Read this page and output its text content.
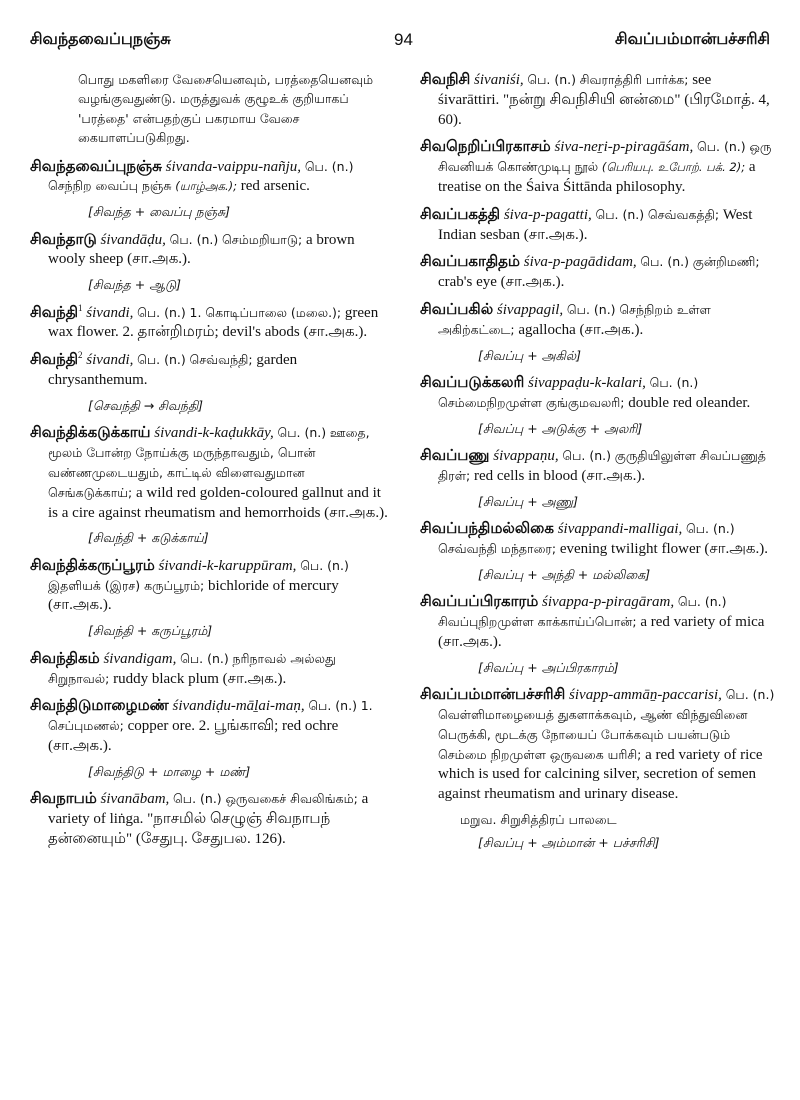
சிவந்தவைப்புநஞ்சு	94	சிவப்பம்மான்பச்சரிசி
பொது மகளிரை வேசையெனவும், பரத்தையெனவும் வழங்குவதுண்டு. மருத்துவக் குழூஉக் குறியாகப் 'பரத்தை' என்பதற்குப் பகரமாய வேசை கையாளப்படுகிறது.
சிவந்தவைப்புநஞ்சு śivanda-vaippu-nañju, பெ. (n.) செந்நிற வைப்பு நஞ்சு (யாழ்அக.); red arsenic.
[சிவந்த + வைப்பு நஞ்சு]
சிவந்தாடு śivandāḍu, பெ. (n.) செம்மறியாடு; a brown wooly sheep (சா.அக.).
[சிவந்த + ஆடு]
சிவந்தி$^1$ śivandi, பெ. (n.) 1. கொடிப்பாலை (மலை.); green wax flower. 2. தான்றிமரம்; devil's abods (சா.அக.).
சிவந்தி$^2$ śivandi, பெ. (n.) செவ்வந்தி; garden chrysanthemum.
[செவந்தி → சிவந்தி]
சிவந்திக்கடுக்காய் śivandi-k-kaḍukkāy, பெ. (n.) ஊதை, மூலம் போன்ற நோய்க்கு மருந்தாவதும், பொன் வண்ணமுடையதும், காட்டில் விளைவதுமான செங்கடுக்காய்; a wild red golden-coloured gallnut and it is a cire against rheumatism and hemorrhoids (சா.அக.).
[சிவந்தி + கடுக்காய்]
சிவந்திக்கருப்பூரம் śivandi-k-karuppūram, பெ. (n.) இதளியக் (இரச) கருப்பூரம்; bichloride of mercury (சா.அக.).
[சிவந்தி + கருப்பூரம்]
சிவந்திகம் śivandigam, பெ. (n.) நரிநாவல் அல்லது சிறுநாவல்; ruddy black plum (சா.அக.).
சிவந்திடுமாழைமண் śivandiḍu-māḻai-maṇ, பெ. (n.) 1. செப்புமணல்; copper ore. 2. பூங்காவி; red ochre (சா.அக.).
[சிவந்திடு + மாழை + மண்]
சிவநாபம் śivanābam, பெ. (n.) ஒருவகைச் சிவலிங்கம்; a variety of liṅga. "நாசமில் செழுஞ் சிவநாபந் தன்னையும்" (சேதுபு. சேதுபல. 126).
சிவநிசி śivaniśi, பெ. (n.) சிவராத்திரி பார்க்க; see śivarāttiri. "நன்று சிவநிசியி னன்மை" (பிரமோத். 4, 60).
சிவநெறிப்பிரகாசம் śiva-neṟi-p-piragāśam, பெ. (n.) ஒரு சிவனியக் கொண்முடிபு நூல் (பெரியபு. உபோற். பக். 2); a treatise on the Śaiva Śittānda philosophy.
சிவப்பகத்தி śiva-p-pagatti, பெ. (n.) செவ்வகத்தி; West Indian sesban (சா.அக.).
சிவப்பகாதிதம் śiva-p-pagādidam, பெ. (n.) குன்றிமணி; crab's eye (சா.அக.).
சிவப்பகில் śivappagil, பெ. (n.) செந்நிறம் உள்ள அகிற்கட்டை; agallocha (சா.அக.).
[சிவப்பு + அகில்]
சிவப்படுக்கலரி śivappaḍu-k-kalari, பெ. (n.) செம்மைநிறமுள்ள குங்குமவலரி; double red oleander.
[சிவப்பு + அடுக்கு + அலரி]
சிவப்பணு śivappaṇu, பெ. (n.) குருதியிலுள்ள சிவப்பணுத் திரள்; red cells in blood (சா.அக.).
[சிவப்பு + அணு]
சிவப்பந்திமல்லிகை śivappandi-malligai, பெ. (n.) செவ்வந்தி மந்தாரை; evening twilight flower (சா.அக.).
[சிவப்பு + அந்தி + மல்லிகை]
சிவப்பப்பிரகாரம் śivappa-p-piragāram, பெ. (n.) சிவப்புநிறமுள்ள காக்காய்ப்பொன்; a red variety of mica (சா.அக.).
[சிவப்பு + அப்பிரகாரம்]
சிவப்பம்மான்பச்சரிசி śivapp-ammāṉ-paccarisi, பெ. (n.) வெள்ளிமாழையைத் துகளாக்கவும், ஆண் விந்துவினை பெருக்கி, மூடக்கு நோயைப் போக்கவும் பயன்படும் செம்மை நிறமுள்ள ஒருவகை யரிசி; a red variety of rice which is used for calcining silver, secretion of semen against rheumatism and urinary disease.
மறுவ. சிறுசித்திரப் பாலடை
[சிவப்பு + அம்மான் + பச்சரிசி]
